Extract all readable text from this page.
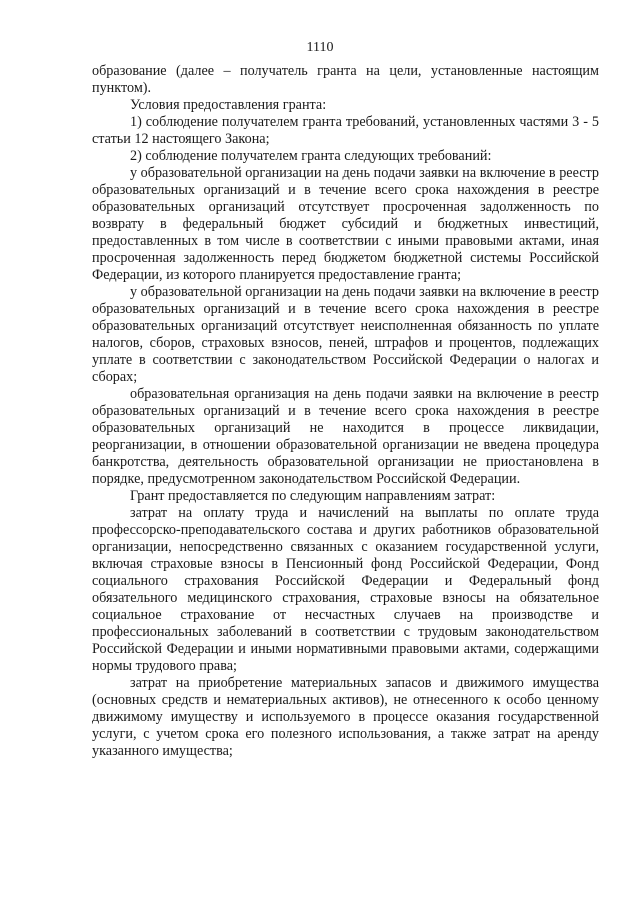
1110

образование (далее – получатель гранта на цели, установленные настоящим пунктом).

Условия предоставления гранта:

1) соблюдение получателем гранта требований, установленных частями 3 - 5 статьи 12 настоящего Закона;

2) соблюдение получателем гранта следующих требований:

у образовательной организации на день подачи заявки на включение в реестр образовательных организаций и в течение всего срока нахождения в реестре образовательных организаций отсутствует просроченная задолженность по возврату в федеральный бюджет субсидий и бюджетных инвестиций, предоставленных в том числе в соответствии с иными правовыми актами, иная просроченная задолженность перед бюджетом бюджетной системы Российской Федерации, из которого планируется предоставление гранта;

у образовательной организации на день подачи заявки на включение в реестр образовательных организаций и в течение всего срока нахождения в реестре образовательных организаций отсутствует неисполненная обязанность по уплате налогов, сборов, страховых взносов, пеней, штрафов и процентов, подлежащих уплате в соответствии с законодательством Российской Федерации о налогах и сборах;

образовательная организация на день подачи заявки на включение в реестр образовательных организаций и в течение всего срока нахождения в реестре образовательных организаций не находится в процессе ликвидации, реорганизации, в отношении образовательной организации не введена процедура банкротства, деятельность образовательной организации не приостановлена в порядке, предусмотренном законодательством Российской Федерации.

Грант предоставляется по следующим направлениям затрат:

затрат на оплату труда и начислений на выплаты по оплате труда профессорско-преподавательского состава и других работников образовательной организации, непосредственно связанных с оказанием государственной услуги, включая страховые взносы в Пенсионный фонд Российской Федерации, Фонд социального страхования Российской Федерации и Федеральный фонд обязательного медицинского страхования, страховые взносы на обязательное социальное страхование от несчастных случаев на производстве и профессиональных заболеваний в соответствии с трудовым законодательством Российской Федерации и иными нормативными правовыми актами, содержащими нормы трудового права;

затрат на приобретение материальных запасов и движимого имущества (основных средств и нематериальных активов), не отнесенного к особо ценному движимому имуществу и используемого в процессе оказания государственной услуги, с учетом срока его полезного использования, а также затрат на аренду указанного имущества;
